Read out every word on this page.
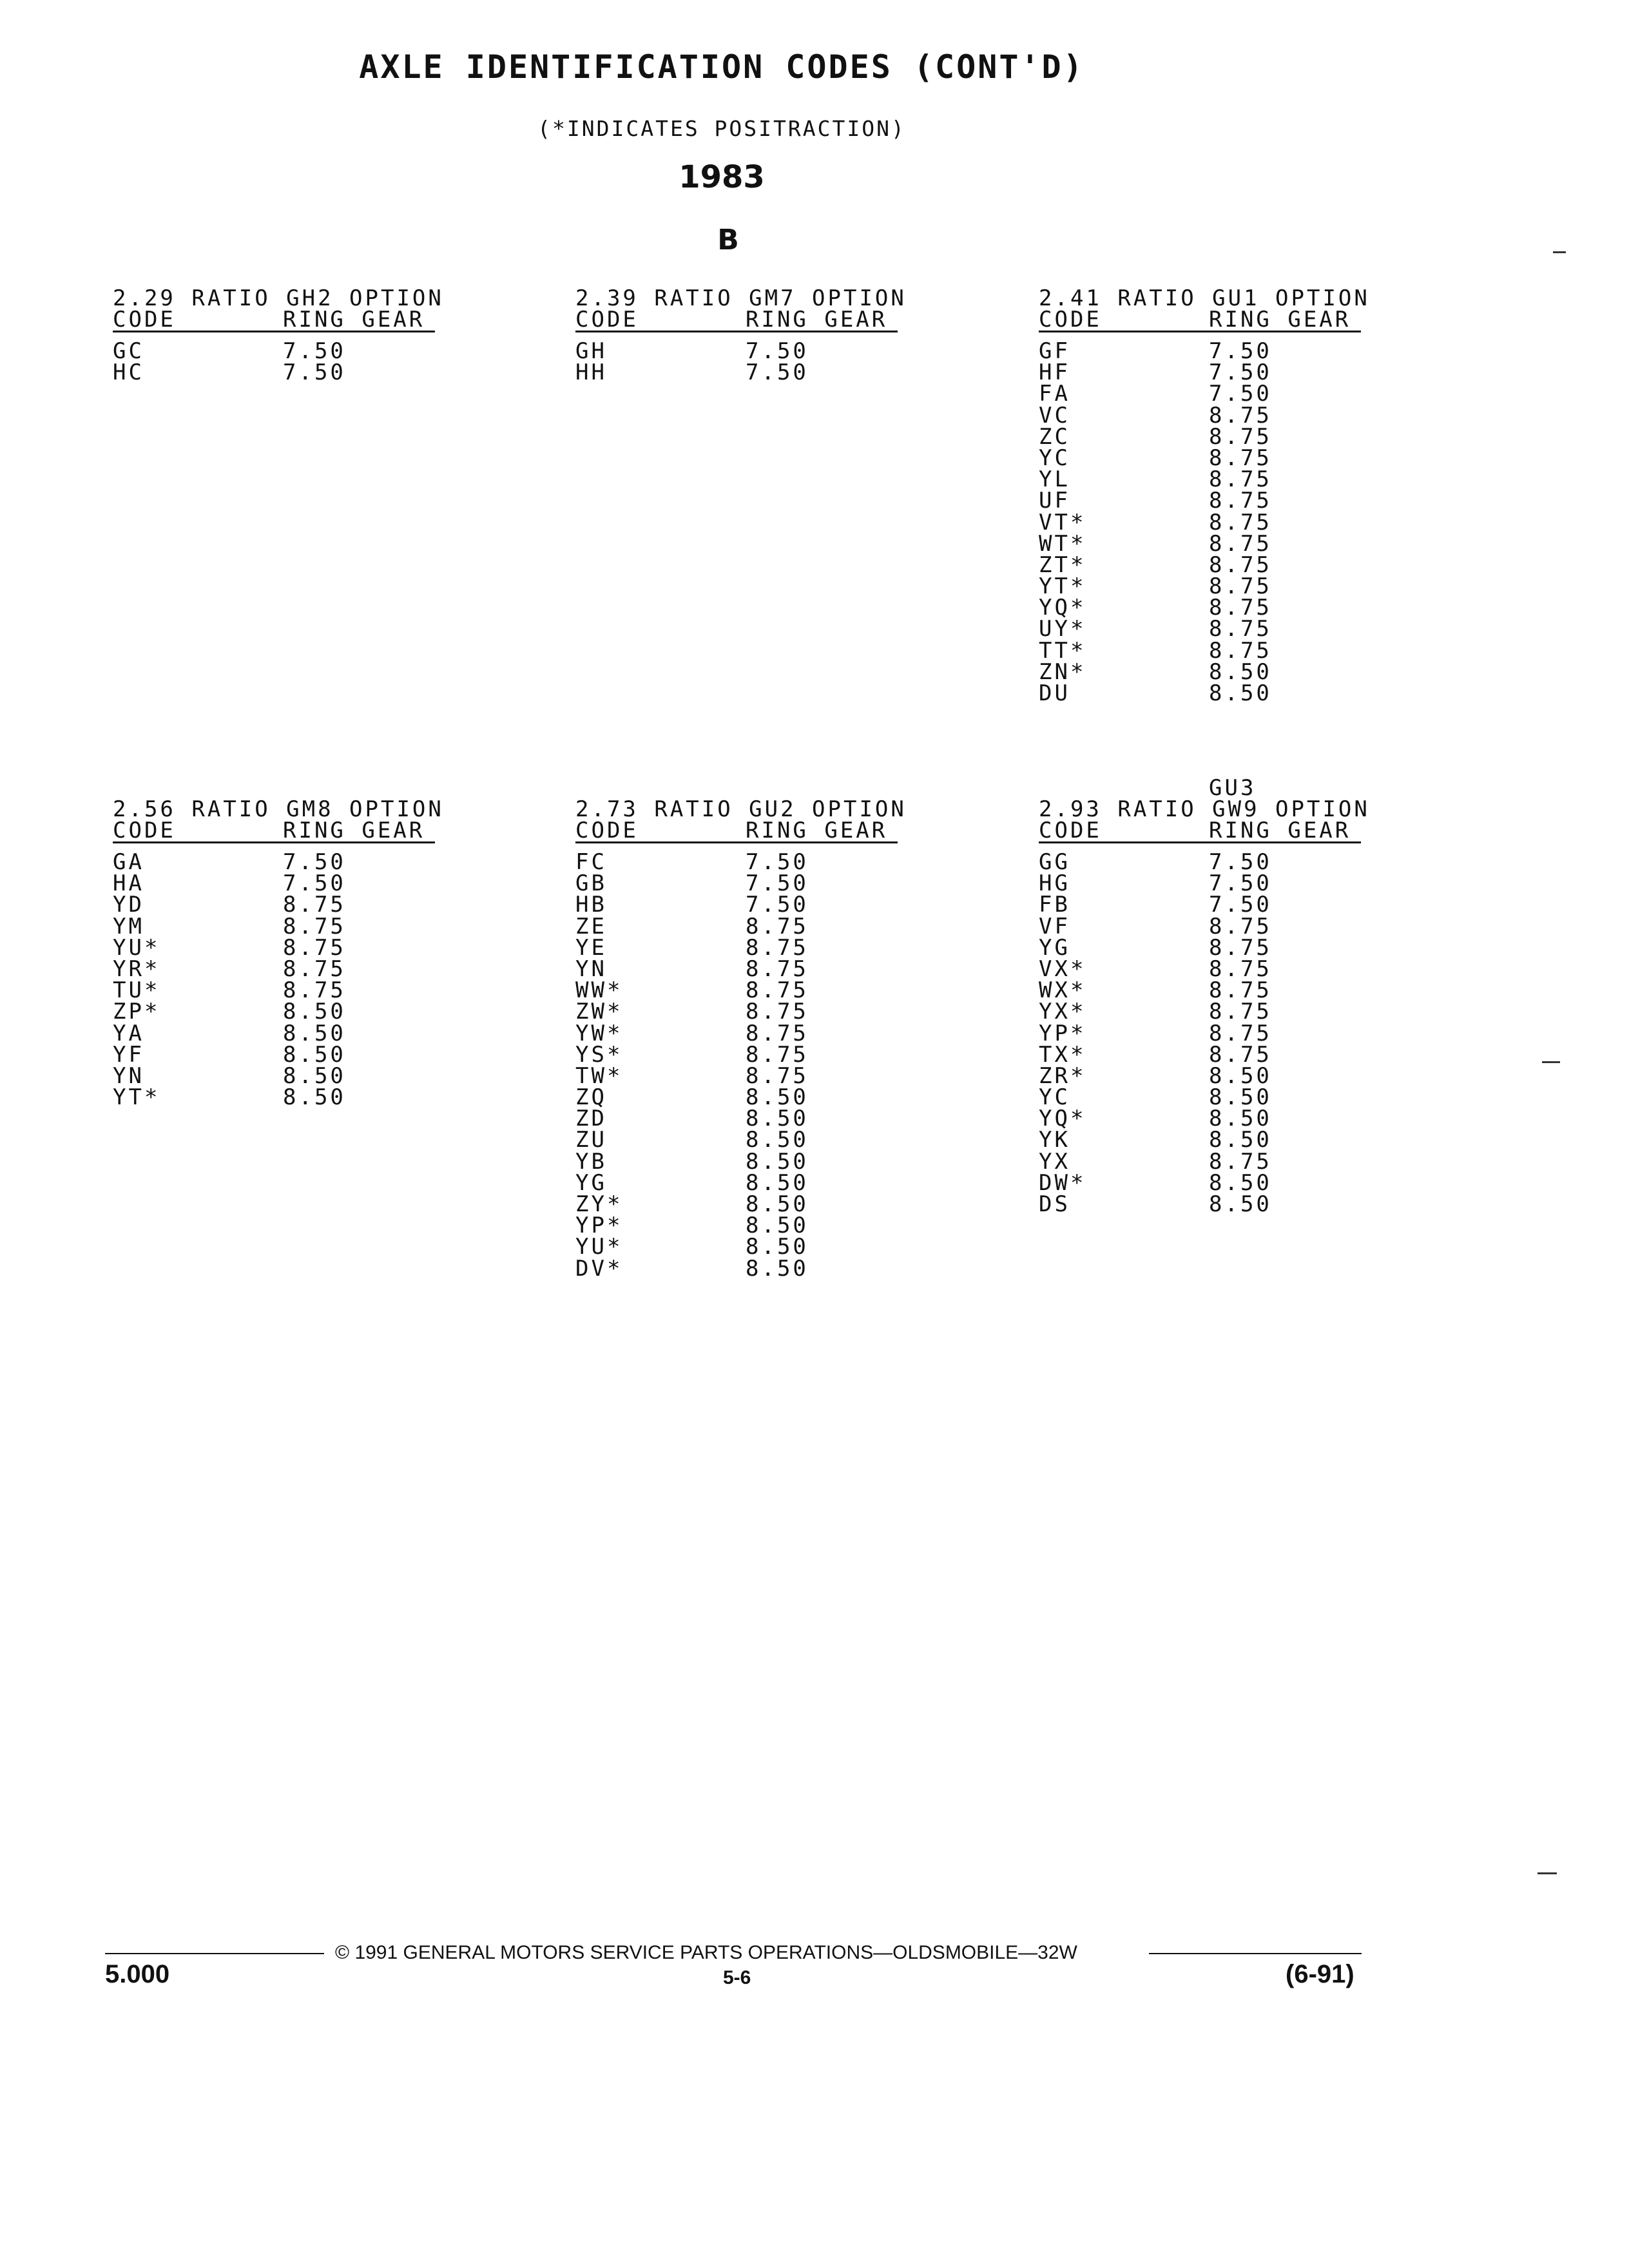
AXLE IDENTIFICATION CODES (CONT'D)
(*INDICATES POSITRACTION)
1983
B
2.29 RATIO GH2 OPTION
CODE	RING GEAR
GC	7.50
HC	7.50
2.39 RATIO GM7 OPTION
CODE	RING GEAR
GH	7.50
HH	7.50
2.41 RATIO GU1 OPTION
CODE	RING GEAR
GF	7.50
HF	7.50
FA	7.50
VC	8.75
ZC	8.75
YC	8.75
YL	8.75
UF	8.75
VT*	8.75
WT*	8.75
ZT*	8.75
YT*	8.75
YQ*	8.75
UY*	8.75
TT*	8.75
ZN*	8.50
DU	8.50
2.56 RATIO GM8 OPTION
CODE	RING GEAR
GA	7.50
HA	7.50
YD	8.75
YM	8.75
YU*	8.75
YR*	8.75
TU*	8.75
ZP*	8.50
YA	8.50
YF	8.50
YN	8.50
YT*	8.50
2.73 RATIO GU2 OPTION
CODE	RING GEAR
FC	7.50
GB	7.50
HB	7.50
ZE	8.75
YE	8.75
YN	8.75
WW*	8.75
ZW*	8.75
YW*	8.75
YS*	8.75
TW*	8.75
ZQ	8.50
ZD	8.50
ZU	8.50
YB	8.50
YG	8.50
ZY*	8.50
YP*	8.50
YU*	8.50
DV*	8.50
GU3
2.93 RATIO GW9 OPTION
CODE	RING GEAR
GG	7.50
HG	7.50
FB	7.50
VF	8.75
YG	8.75
VX*	8.75
WX*	8.75
YX*	8.75
YP*	8.75
TX*	8.75
ZR*	8.50
YC	8.50
YQ*	8.50
YK	8.50
YX	8.75
DW*	8.50
DS	8.50
© 1991 GENERAL MOTORS SERVICE PARTS OPERATIONS—OLDSMOBILE—32W
5.000	5-6	(6-91)
